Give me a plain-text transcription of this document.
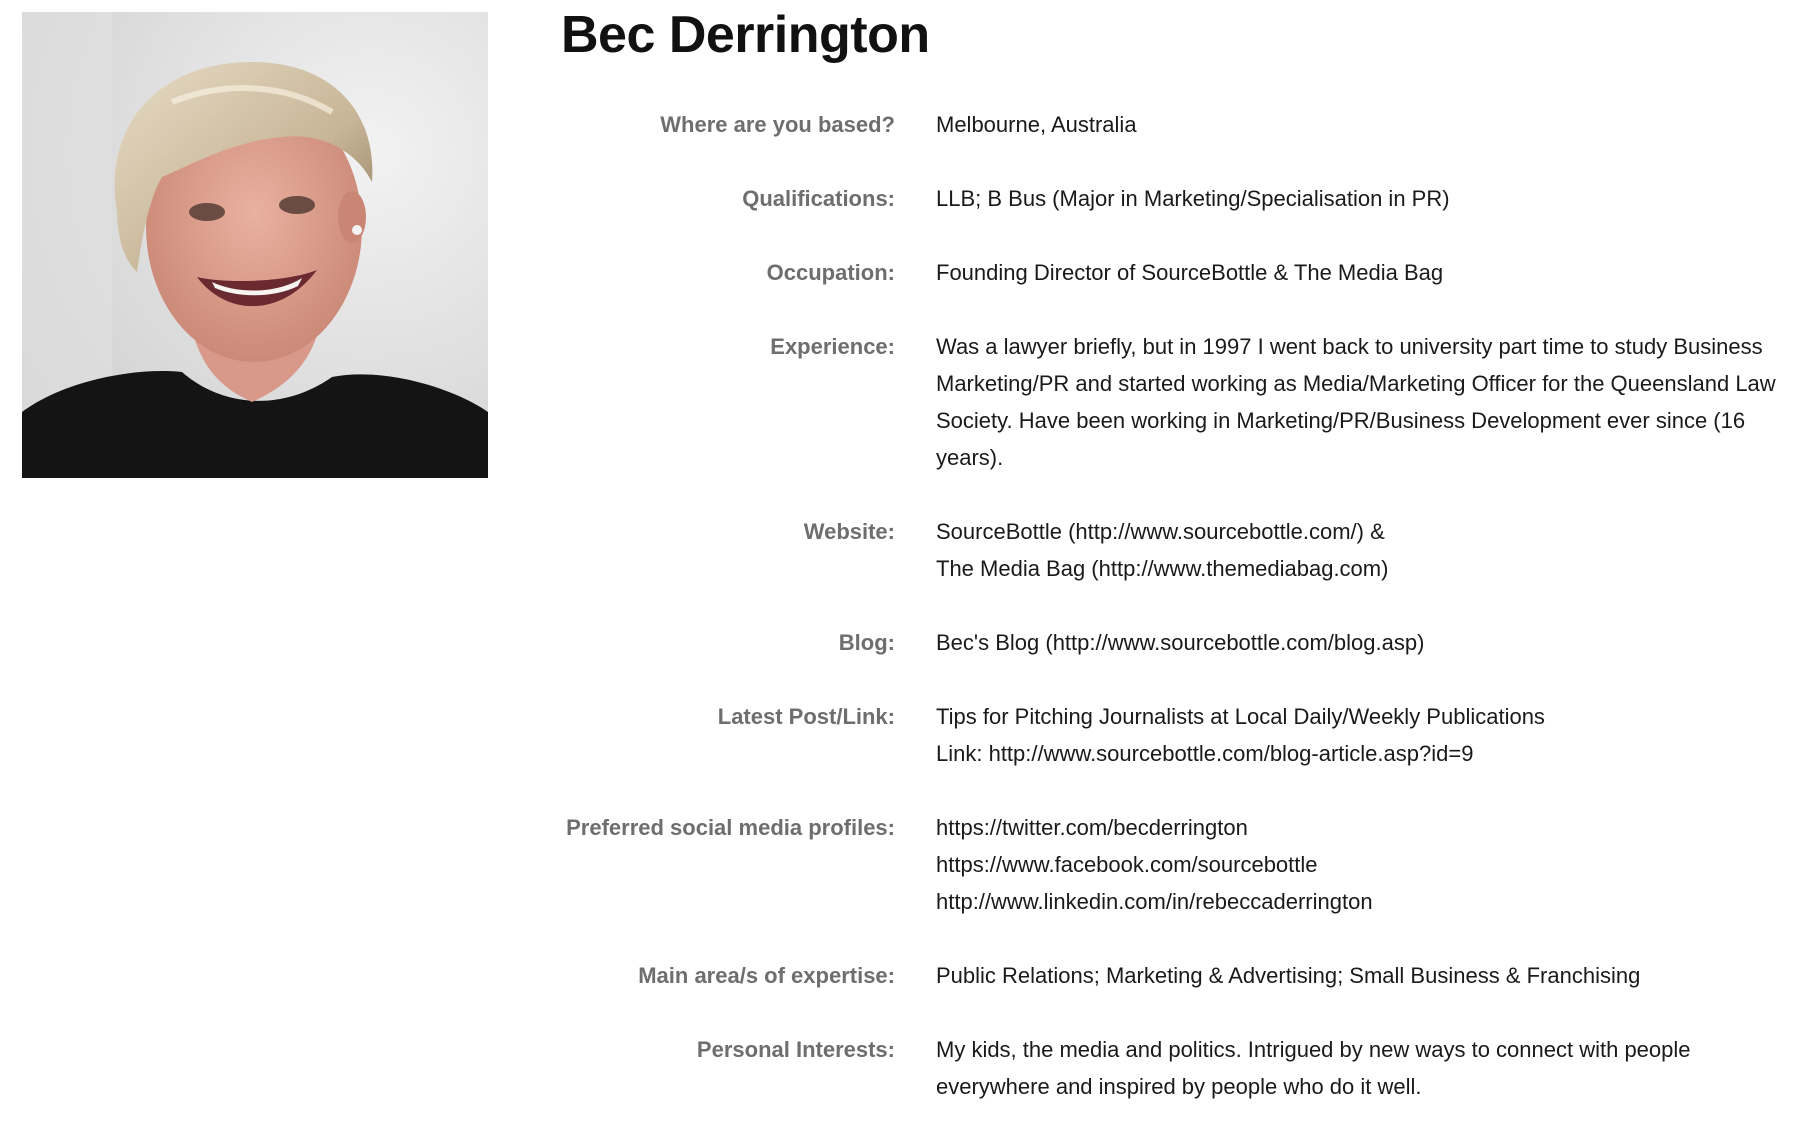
Bec Derrington
Where are you based? Melbourne, Australia
Qualifications: LLB; B Bus (Major in Marketing/Specialisation in PR)
Occupation: Founding Director of SourceBottle & The Media Bag
Experience: Was a lawyer briefly, but in 1997 I went back to university part time to study Business Marketing/PR and started working as Media/Marketing Officer for the Queensland Law Society. Have been working in Marketing/PR/Business Development ever since (16 years).
Website: SourceBottle (http://www.sourcebottle.com/) &
The Media Bag (http://www.themediabag.com)
Blog: Bec's Blog (http://www.sourcebottle.com/blog.asp)
Latest Post/Link: Tips for Pitching Journalists at Local Daily/Weekly Publications
Link: http://www.sourcebottle.com/blog-article.asp?id=9
Preferred social media profiles: https://twitter.com/becderrington
https://www.facebook.com/sourcebottle
http://www.linkedin.com/in/rebeccaderrington
Main area/s of expertise: Public Relations; Marketing & Advertising; Small Business & Franchising
Personal Interests: My kids, the media and politics. Intrigued by new ways to connect with people everywhere and inspired by people who do it well.
